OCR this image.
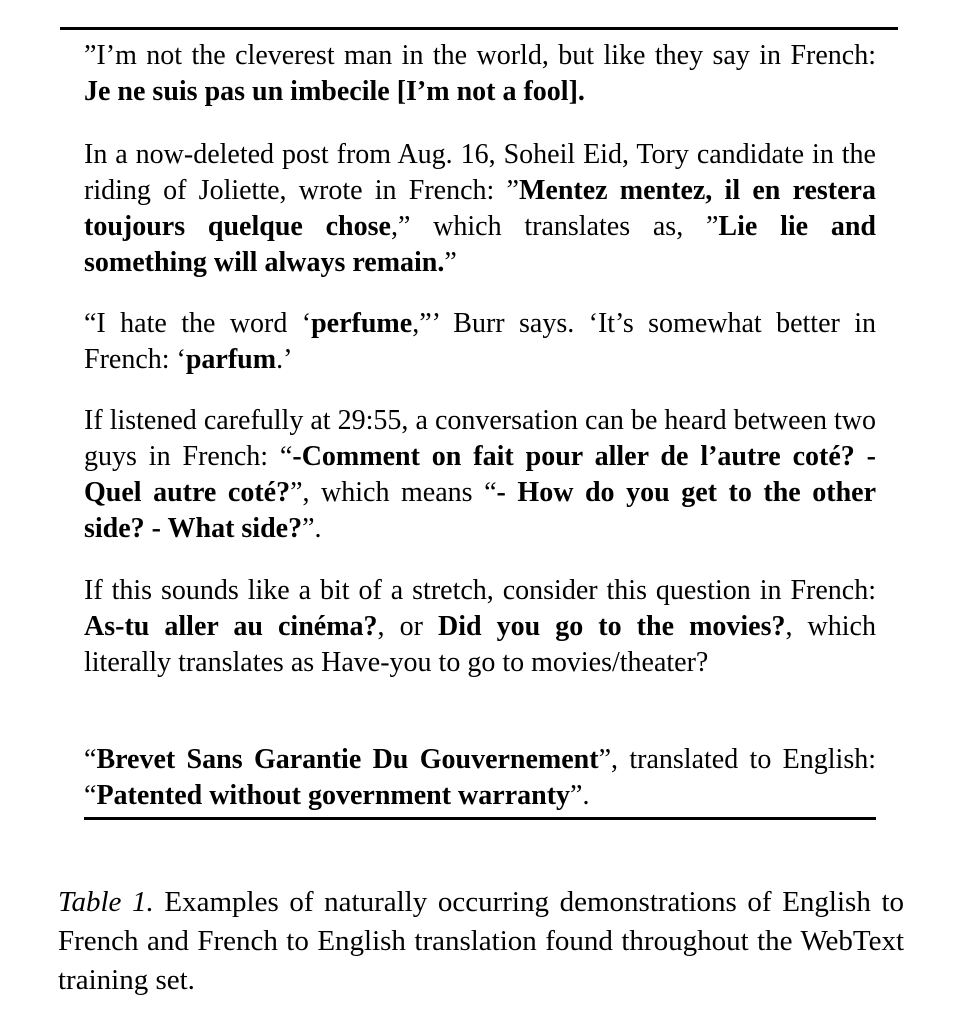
”I’m not the cleverest man in the world, but like they say in French: Je ne suis pas un imbecile [I’m not a fool].

In a now-deleted post from Aug. 16, Soheil Eid, Tory candidate in the riding of Joliette, wrote in French: ”Mentez mentez, il en restera toujours quelque chose,” which translates as, ”Lie lie and something will always remain.”

“I hate the word ‘perfume,”’ Burr says. ‘It’s somewhat better in French: ‘parfum.’

If listened carefully at 29:55, a conversation can be heard between two guys in French: “-Comment on fait pour aller de l’autre coté? -Quel autre coté?”, which means “- How do you get to the other side? - What side?”.

If this sounds like a bit of a stretch, consider this question in French: As-tu aller au cinéma?, or Did you go to the movies?, which literally translates as Have-you to go to movies/theater?

“Brevet Sans Garantie Du Gouvernement”, translated to English: “Patented without government warranty”.

Table 1. Examples of naturally occurring demonstrations of English to French and French to English translation found throughout the WebText training set.
